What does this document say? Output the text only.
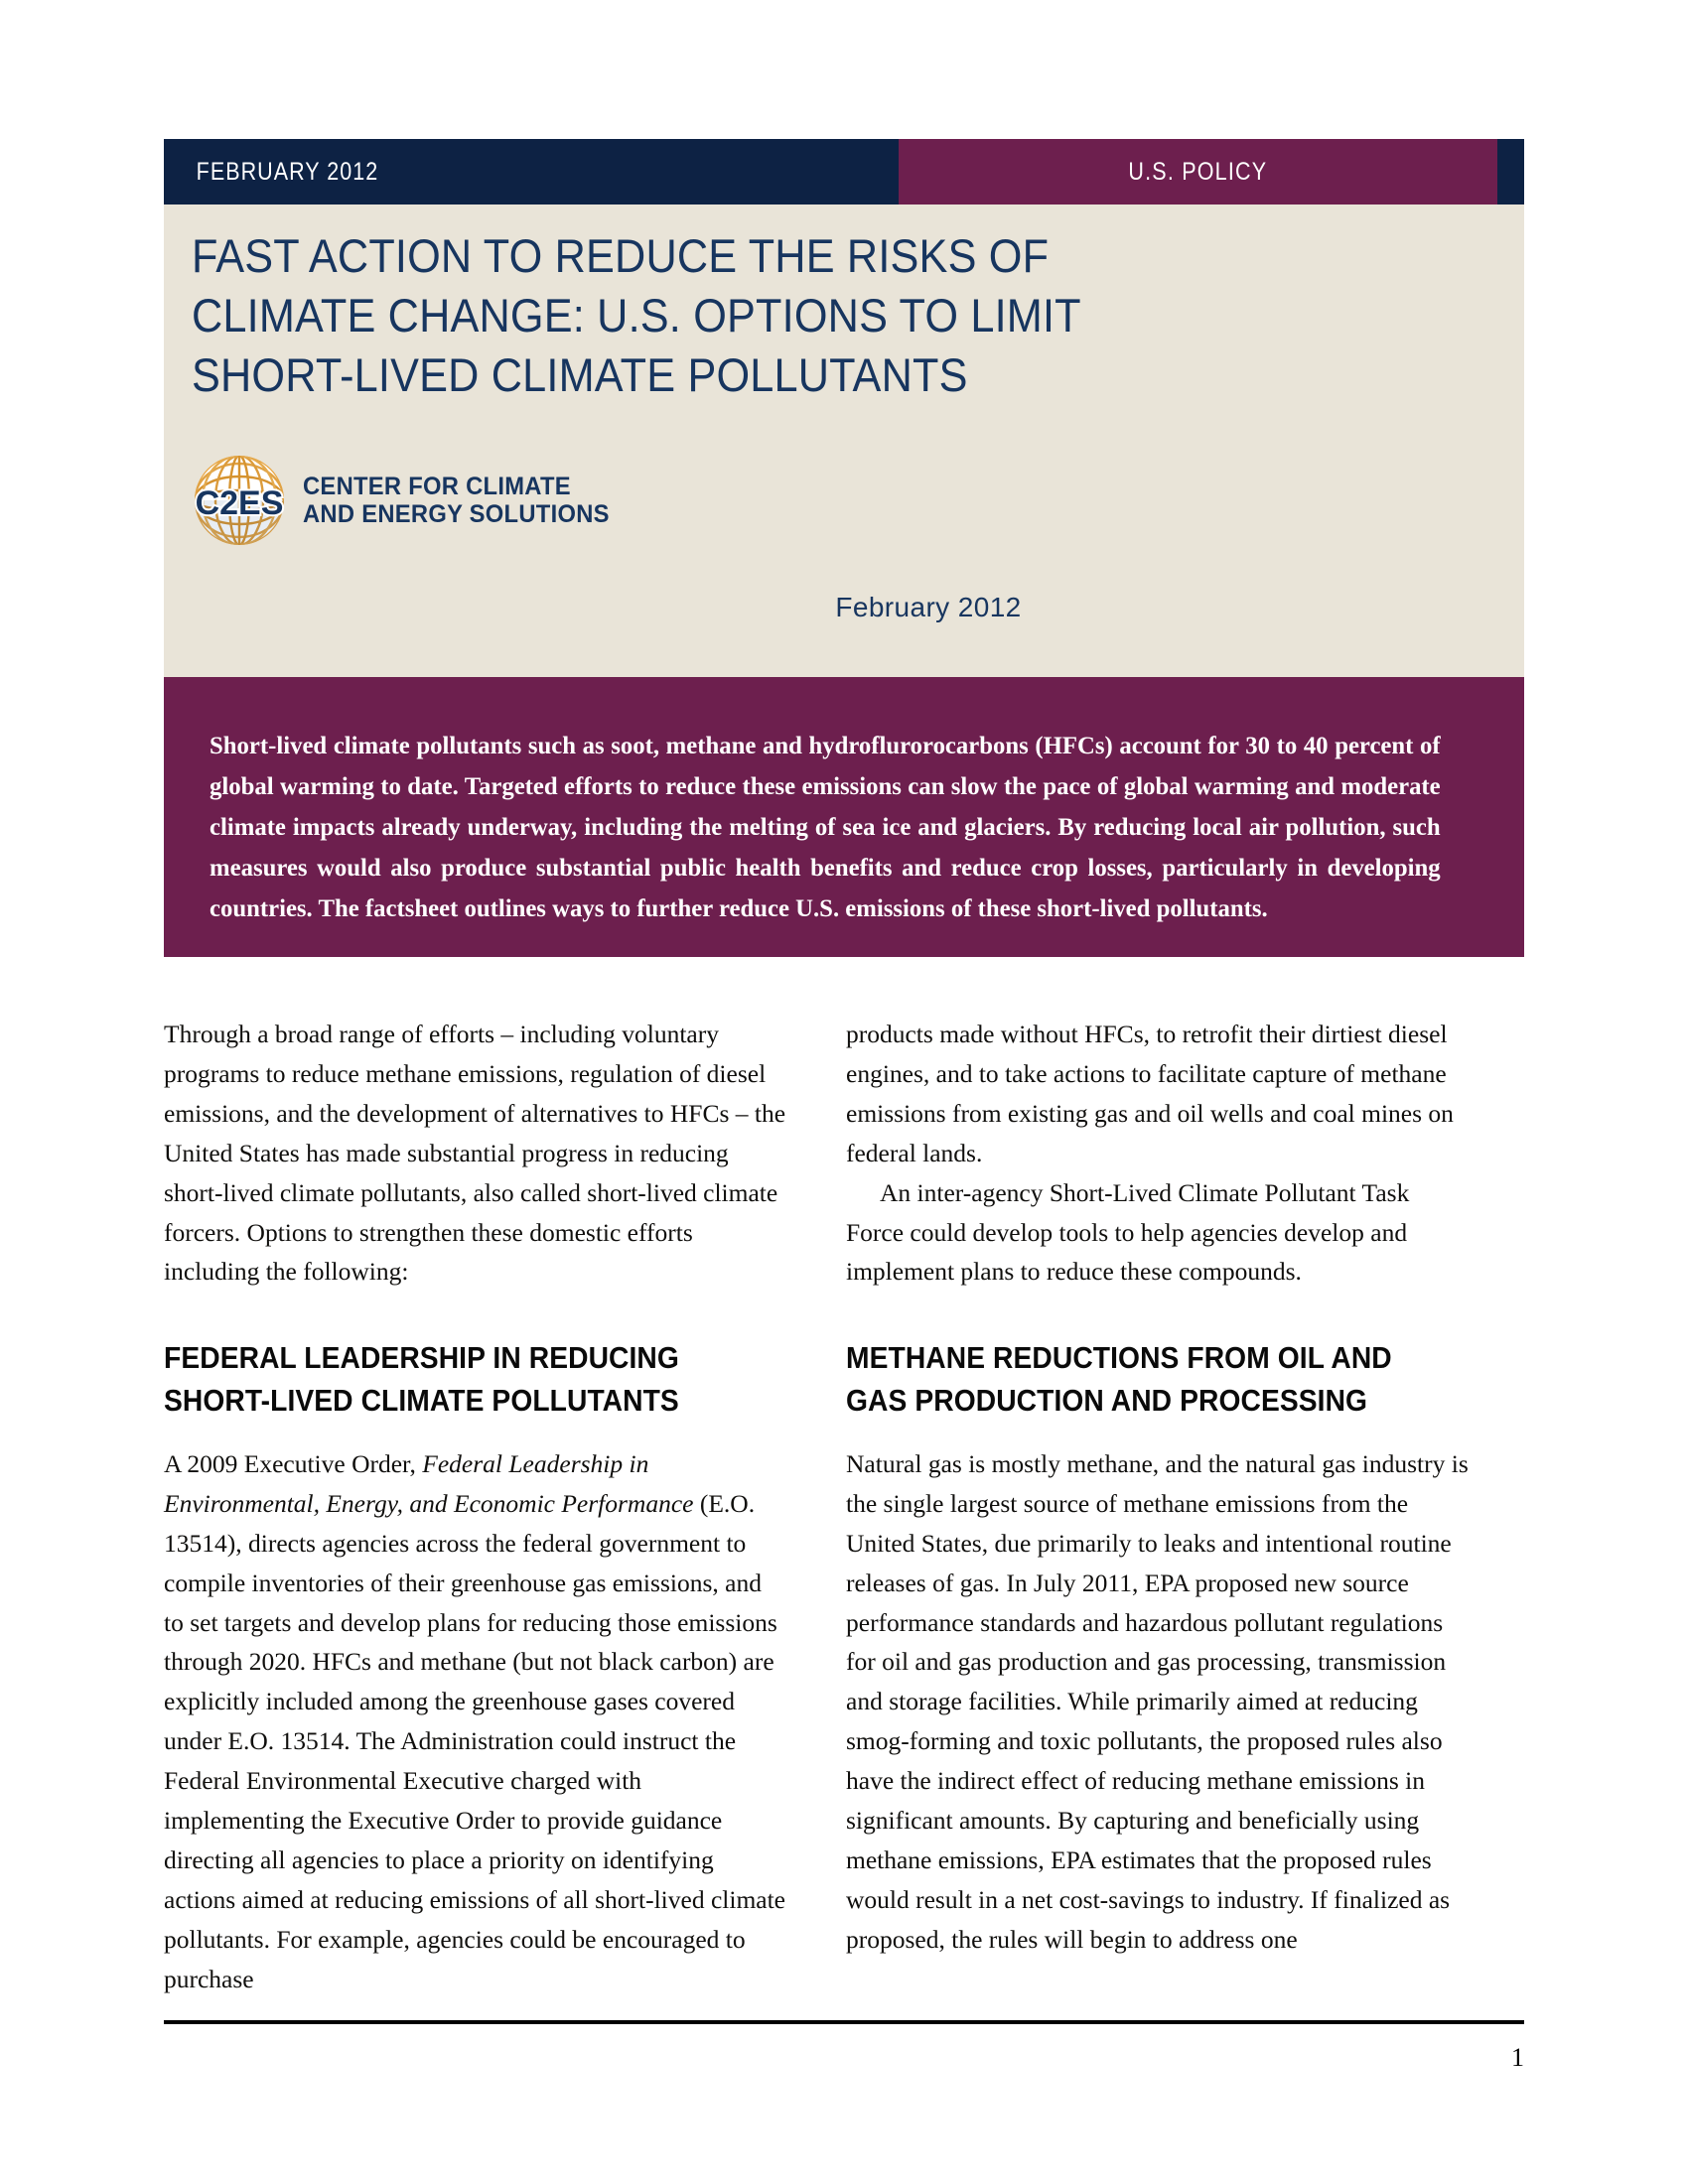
FEBRUARY 2012	U.S. POLICY
FAST ACTION TO REDUCE THE RISKS OF
CLIMATE CHANGE: U.S. OPTIONS TO LIMIT
SHORT-LIVED CLIMATE POLLUTANTS
C2ES CENTER FOR CLIMATE
AND ENERGY SOLUTIONS
February 2012
Short-lived climate pollutants such as soot, methane and hydroflurorocarbons (HFCs) account for 30 to 40 percent of global warming to date. Targeted efforts to reduce these emissions can slow the pace of global warming and moderate climate impacts already underway, including the melting of sea ice and glaciers. By reducing local air pollution, such measures would also produce substantial public health benefits and reduce crop losses, particularly in developing countries. The factsheet outlines ways to further reduce U.S. emissions of these short-lived pollutants.

Through a broad range of efforts – including voluntary programs to reduce methane emissions, regulation of diesel emissions, and the development of alternatives to HFCs – the United States has made substantial progress in reducing short-lived climate pollutants, also called short-lived climate forcers. Options to strengthen these domestic efforts including the following:

FEDERAL LEADERSHIP IN REDUCING
SHORT-LIVED CLIMATE POLLUTANTS

A 2009 Executive Order, Federal Leadership in Environmental, Energy, and Economic Performance (E.O. 13514), directs agencies across the federal government to compile inventories of their greenhouse gas emissions, and to set targets and develop plans for reducing those emissions through 2020. HFCs and methane (but not black carbon) are explicitly included among the greenhouse gases covered under E.O. 13514. The Administration could instruct the Federal Environmental Executive charged with implementing the Executive Order to provide guidance directing all agencies to place a priority on identifying actions aimed at reducing emissions of all short-lived climate pollutants. For example, agencies could be encouraged to purchase

products made without HFCs, to retrofit their dirtiest diesel engines, and to take actions to facilitate capture of methane emissions from existing gas and oil wells and coal mines on federal lands.

An inter-agency Short-Lived Climate Pollutant Task Force could develop tools to help agencies develop and implement plans to reduce these compounds.

METHANE REDUCTIONS FROM OIL AND
GAS PRODUCTION AND PROCESSING

Natural gas is mostly methane, and the natural gas industry is the single largest source of methane emissions from the United States, due primarily to leaks and intentional routine releases of gas. In July 2011, EPA proposed new source performance standards and hazardous pollutant regulations for oil and gas production and gas processing, transmission and storage facilities. While primarily aimed at reducing smog-forming and toxic pollutants, the proposed rules also have the indirect effect of reducing methane emissions in significant amounts. By capturing and beneficially using methane emissions, EPA estimates that the proposed rules would result in a net cost-savings to industry. If finalized as proposed, the rules will begin to address one

1
